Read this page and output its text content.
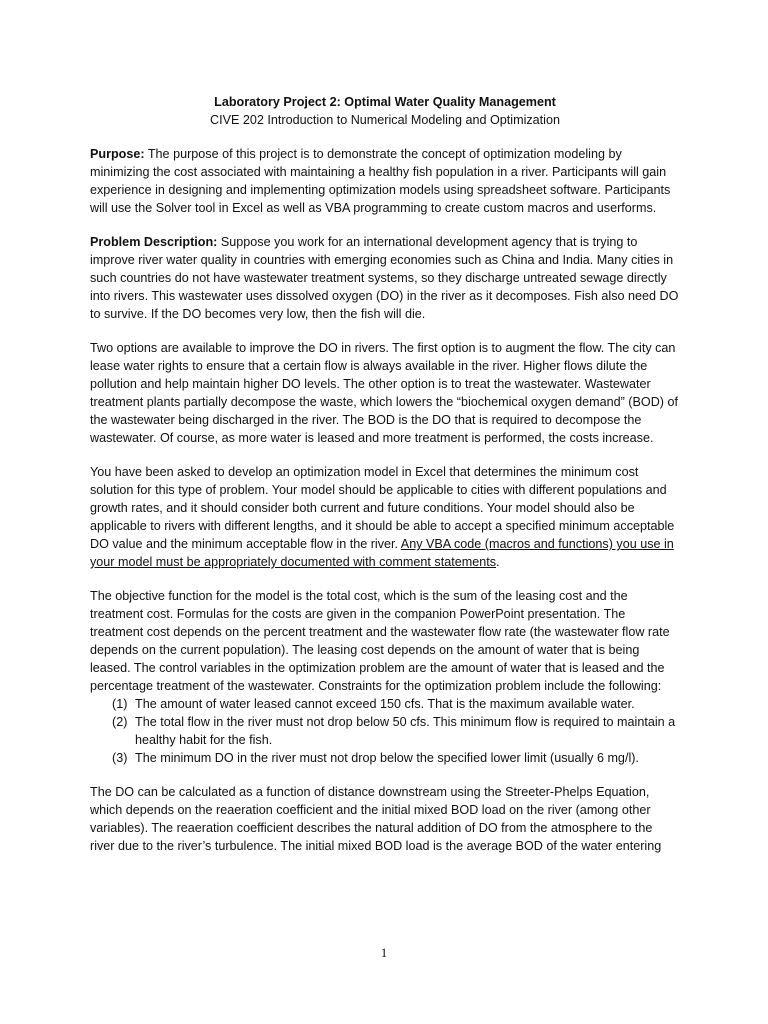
Laboratory Project 2: Optimal Water Quality Management
CIVE 202 Introduction to Numerical Modeling and Optimization

Purpose: The purpose of this project is to demonstrate the concept of optimization modeling by minimizing the cost associated with maintaining a healthy fish population in a river. Participants will gain experience in designing and implementing optimization models using spreadsheet software. Participants will use the Solver tool in Excel as well as VBA programming to create custom macros and userforms.

Problem Description: Suppose you work for an international development agency that is trying to improve river water quality in countries with emerging economies such as China and India. Many cities in such countries do not have wastewater treatment systems, so they discharge untreated sewage directly into rivers. This wastewater uses dissolved oxygen (DO) in the river as it decomposes. Fish also need DO to survive. If the DO becomes very low, then the fish will die.

Two options are available to improve the DO in rivers. The first option is to augment the flow. The city can lease water rights to ensure that a certain flow is always available in the river. Higher flows dilute the pollution and help maintain higher DO levels. The other option is to treat the wastewater. Wastewater treatment plants partially decompose the waste, which lowers the “biochemical oxygen demand” (BOD) of the wastewater being discharged in the river. The BOD is the DO that is required to decompose the wastewater. Of course, as more water is leased and more treatment is performed, the costs increase.

You have been asked to develop an optimization model in Excel that determines the minimum cost solution for this type of problem. Your model should be applicable to cities with different populations and growth rates, and it should consider both current and future conditions. Your model should also be applicable to rivers with different lengths, and it should be able to accept a specified minimum acceptable DO value and the minimum acceptable flow in the river. Any VBA code (macros and functions) you use in your model must be appropriately documented with comment statements.

The objective function for the model is the total cost, which is the sum of the leasing cost and the treatment cost. Formulas for the costs are given in the companion PowerPoint presentation. The treatment cost depends on the percent treatment and the wastewater flow rate (the wastewater flow rate depends on the current population). The leasing cost depends on the amount of water that is being leased. The control variables in the optimization problem are the amount of water that is leased and the percentage treatment of the wastewater. Constraints for the optimization problem include the following:

(1) The amount of water leased cannot exceed 150 cfs. That is the maximum available water.
(2) The total flow in the river must not drop below 50 cfs. This minimum flow is required to maintain a healthy habit for the fish.
(3) The minimum DO in the river must not drop below the specified lower limit (usually 6 mg/l).

The DO can be calculated as a function of distance downstream using the Streeter-Phelps Equation, which depends on the reaeration coefficient and the initial mixed BOD load on the river (among other variables). The reaeration coefficient describes the natural addition of DO from the atmosphere to the river due to the river’s turbulence. The initial mixed BOD load is the average BOD of the water entering

1
